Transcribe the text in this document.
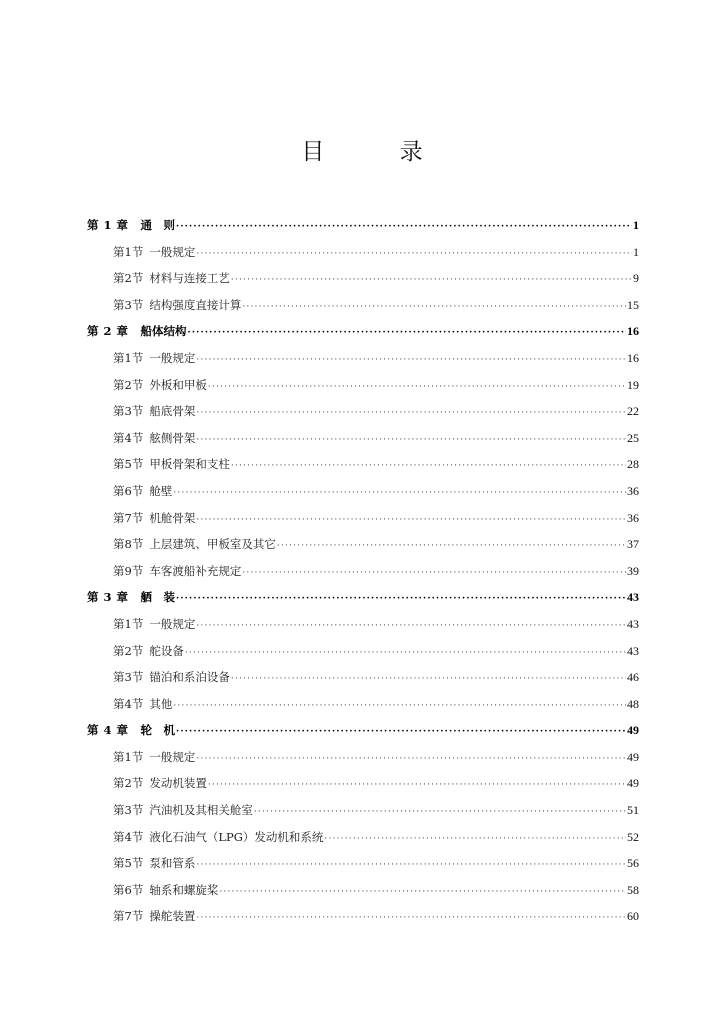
目 录
第 1 章 通　则 ·····	1
第1节 一般规定 ·····	1
第2节 材料与连接工艺 ·····	9
第3节 结构强度直接计算 ·····	15
第 2 章 船体结构 ·····	16
第1节 一般规定 ·····	16
第2节 外板和甲板 ·····	19
第3节 船底骨架 ·····	22
第4节 舷侧骨架 ·····	25
第5节 甲板骨架和支柱 ·····	28
第6节 舱壁 ·····	36
第7节 机舱骨架 ·····	36
第8节 上层建筑、甲板室及其它 ·····	37
第9节 车客渡船补充规定 ·····	39
第 3 章 舾　装 ·····	43
第1节 一般规定 ·····	43
第2节 舵设备 ·····	43
第3节 锚泊和系泊设备 ·····	46
第4节 其他 ·····	48
第 4 章 轮　机 ·····	49
第1节 一般规定 ·····	49
第2节 发动机装置 ·····	49
第3节 汽油机及其相关舱室 ·····	51
第4节 液化石油气（LPG）发动机和系统 ·····	52
第5节 泵和管系 ·····	56
第6节 轴系和螺旋桨 ·····	58
第7节 操舵装置 ·····	60
